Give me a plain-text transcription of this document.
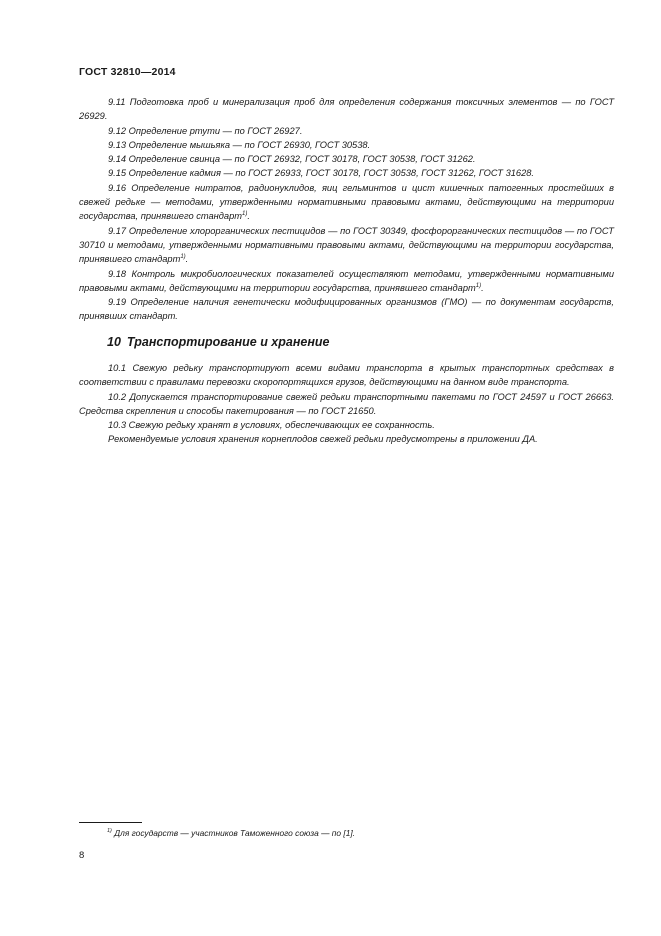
ГОСТ 32810—2014

9.11 Подготовка проб и минерализация проб для определения содержания токсичных элементов — по ГОСТ 26929.

9.12 Определение ртути — по ГОСТ 26927.

9.13 Определение мышьяка — по ГОСТ 26930, ГОСТ 30538.

9.14 Определение свинца — по ГОСТ 26932, ГОСТ 30178, ГОСТ 30538, ГОСТ 31262.

9.15 Определение кадмия — по ГОСТ 26933, ГОСТ 30178, ГОСТ 30538, ГОСТ 31262, ГОСТ 31628.

9.16 Определение нитратов, радионуклидов, яиц гельминтов и цист кишечных патогенных простейших в свежей редьке — методами, утвержденными нормативными правовыми актами, действующими на территории государства, принявшего стандарт$^{1)}$.

9.17 Определение хлорорганических пестицидов — по ГОСТ 30349, фосфорорганических пестицидов — по ГОСТ 30710 и методами, утвержденными нормативными правовыми актами, действующими на территории государства, принявшего стандарт$^{1)}$.

9.18 Контроль микробиологических показателей осуществляют методами, утвержденными нормативными правовыми актами, действующими на территории государства, принявшего стандарт$^{1)}$.

9.19 Определение наличия генетически модифицированных организмов (ГМО) — по документам государств, принявших стандарт.

10 Транспортирование и хранение

10.1 Свежую редьку транспортируют всеми видами транспорта в крытых транспортных средствах в соответствии с правилами перевозки скоропортящихся грузов, действующими на данном виде транспорта.

10.2 Допускается транспортирование свежей редьки транспортными пакетами по ГОСТ 24597 и ГОСТ 26663. Средства скрепления и способы пакетирования — по ГОСТ 21650.

10.3 Свежую редьку хранят в условиях, обеспечивающих ее сохранность.

Рекомендуемые условия хранения корнеплодов свежей редьки предусмотрены в приложении ДА.

$^{1)}$ Для государств — участников Таможенного союза — по [1].
8
